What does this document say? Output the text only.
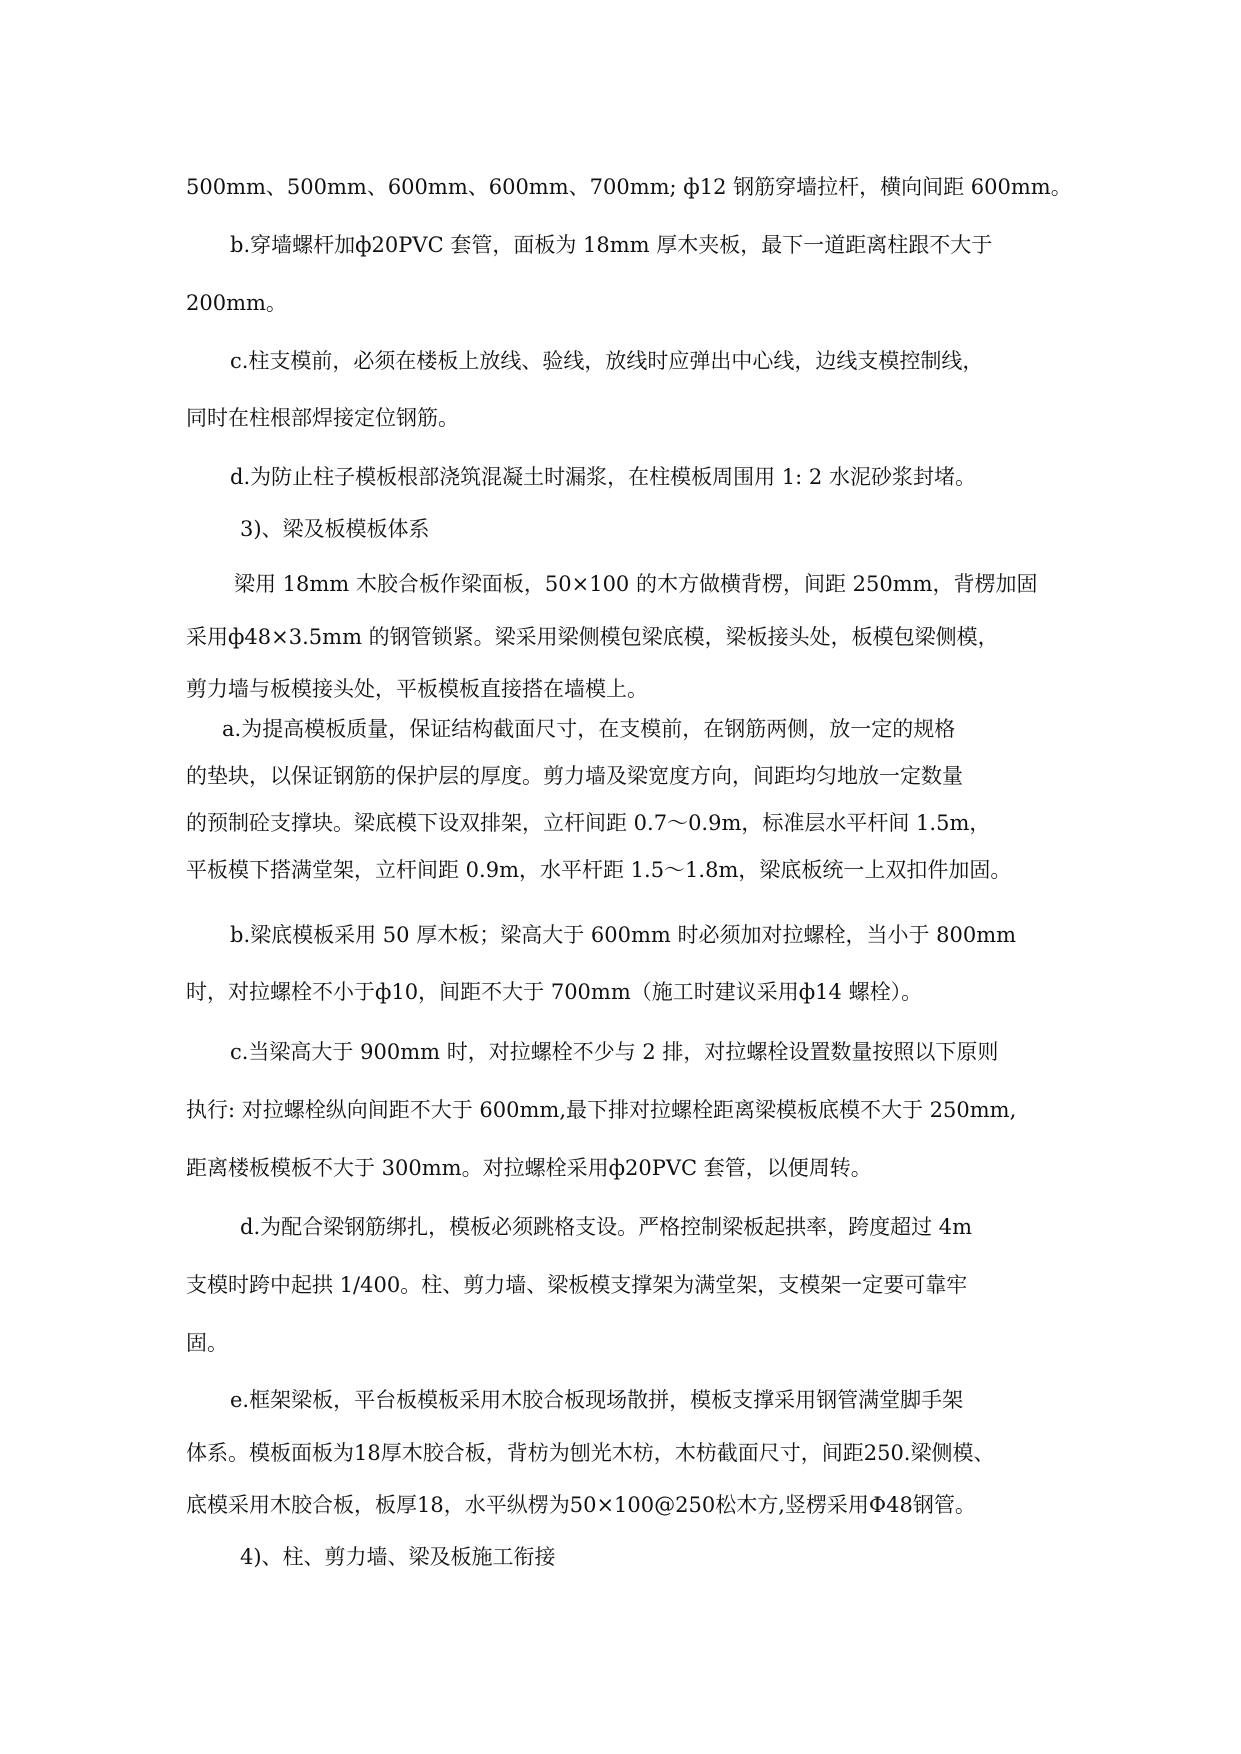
500mm、500mm、600mm、600mm、700mm; ф12 钢筋穿墙拉杆，横向间距 600mm。
b.穿墙螺杆加ф20PVC 套管，面板为 18mm 厚木夹板，最下一道距离柱跟不大于
200mm。
c.柱支模前，必须在楼板上放线、验线，放线时应弹出中心线，边线支模控制线，
同时在柱根部焊接定位钢筋。
d.为防止柱子模板根部浇筑混凝土时漏浆，在柱模板周围用 1: 2 水泥砂浆封堵。
3)、梁及板模板体系
梁用 18mm 木胶合板作梁面板，50×100 的木方做横背楞，间距 250mm，背楞加固
采用ф48×3.5mm 的钢管锁紧。梁采用梁侧模包梁底模，梁板接头处，板模包梁侧模，
剪力墙与板模接头处，平板模板直接搭在墙模上。
a.为提高模板质量，保证结构截面尺寸，在支模前，在钢筋两侧，放一定的规格
的垫块，以保证钢筋的保护层的厚度。剪力墙及梁宽度方向，间距均匀地放一定数量
的预制砼支撑块。梁底模下设双排架，立杆间距 0.7～0.9m，标准层水平杆间 1.5m，
平板模下搭满堂架，立杆间距 0.9m，水平杆距 1.5～1.8m，梁底板统一上双扣件加固。
b.梁底模板采用 50 厚木板；梁高大于 600mm 时必须加对拉螺栓，当小于 800mm
时，对拉螺栓不小于ф10，间距不大于 700mm（施工时建议采用ф14 螺栓）。
c.当梁高大于 900mm 时，对拉螺栓不少与 2 排，对拉螺栓设置数量按照以下原则
执行: 对拉螺栓纵向间距不大于 600mm,最下排对拉螺栓距离梁模板底模不大于 250mm,
距离楼板模板不大于 300mm。对拉螺栓采用ф20PVC 套管，以便周转。
d.为配合梁钢筋绑扎，模板必须跳格支设。严格控制梁板起拱率，跨度超过 4m
支模时跨中起拱 1/400。柱、剪力墙、梁板模支撑架为满堂架，支模架一定要可靠牢
固。
e.框架梁板，平台板模板采用木胶合板现场散拼，模板支撑采用钢管满堂脚手架
体系。模板面板为18厚木胶合板，背枋为刨光木枋，木枋截面尺寸，间距250.梁侧模、
底模采用木胶合板，板厚18，水平纵楞为50×100@250松木方,竖楞采用Φ48钢管。
4)、柱、剪力墙、梁及板施工衔接
